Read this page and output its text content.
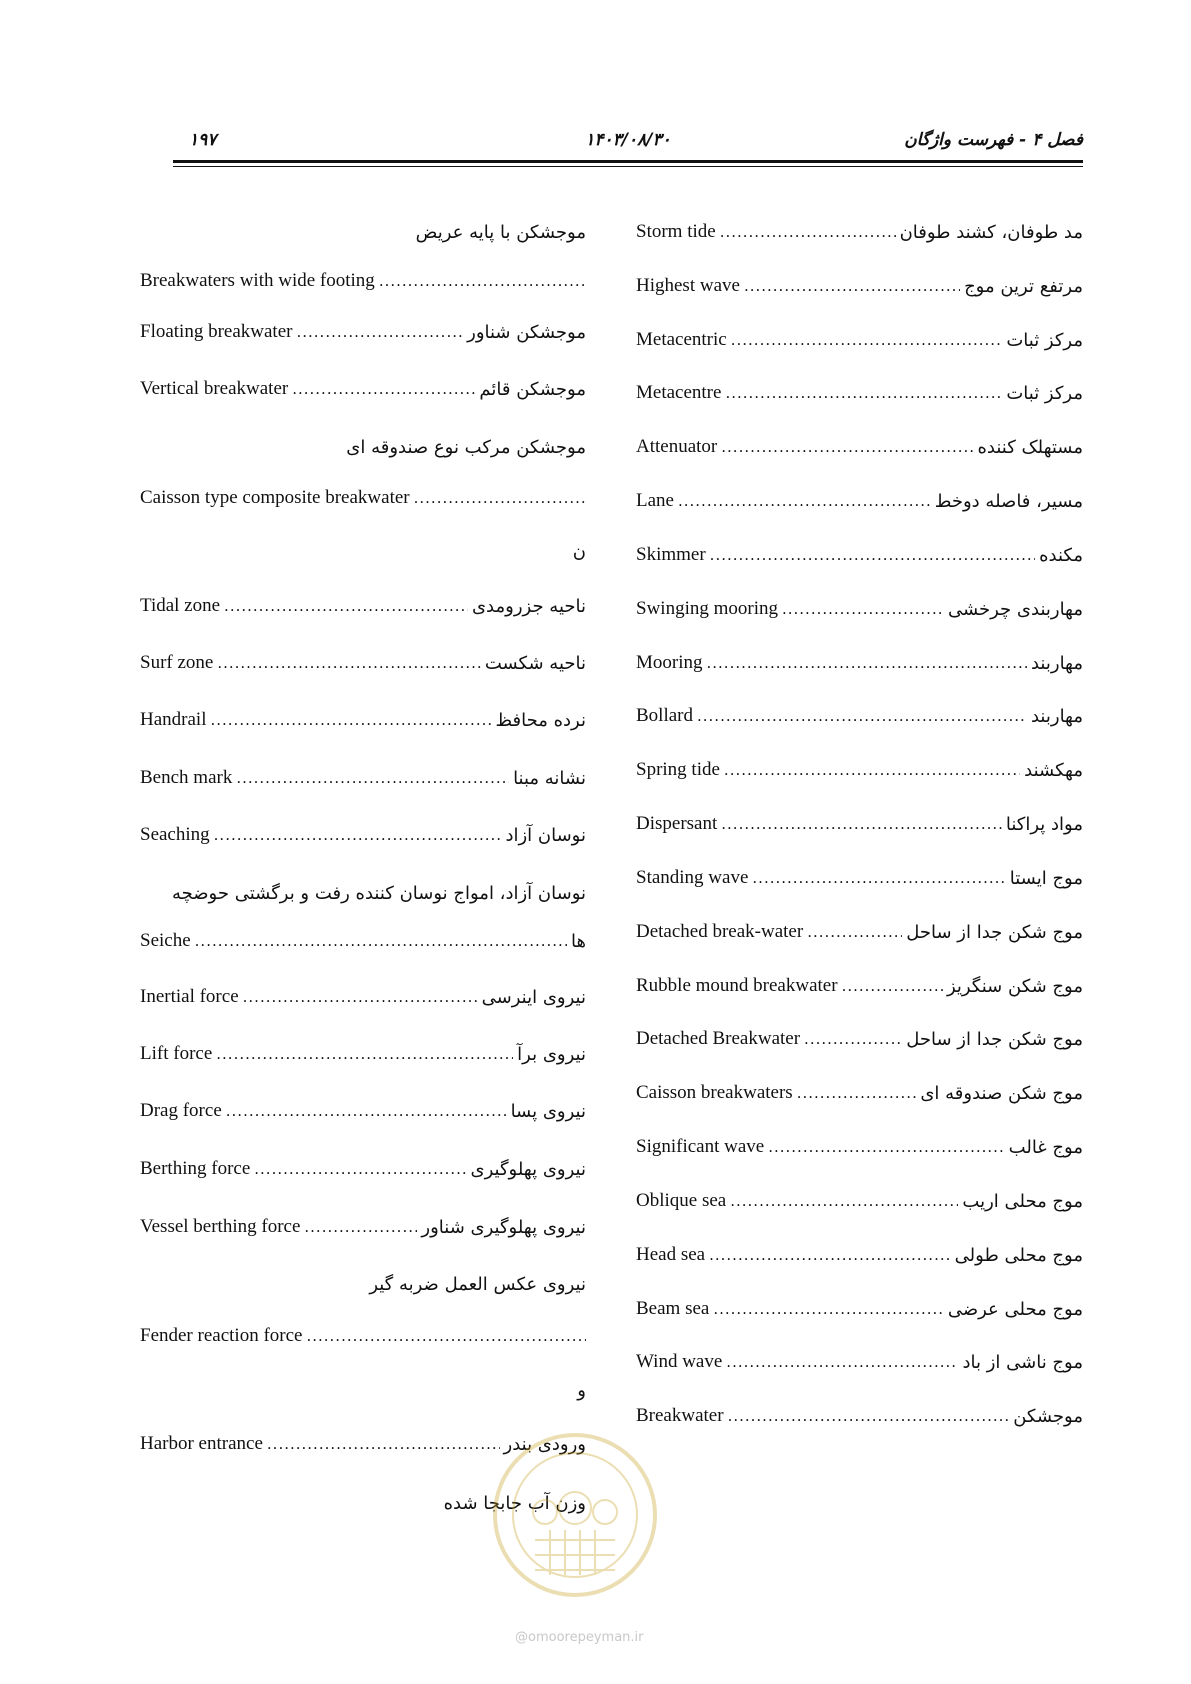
فصل ۴ - فهرست واژگان
۱۴۰۳/۰۸/۳۰
۱۹۷
مد طوفان، کشند طوفان
.....
Storm tide
مرتفع ترین موج
.....
Highest wave
مرکز ثبات
.....
Metacentric
مرکز ثبات
.....
Metacentre
مستهلک کننده
.....
Attenuator
مسیر، فاصله دوخط
.....
Lane
مکنده
.....
Skimmer
مهاربندی چرخشی
.....
Swinging mooring
مهاربند
.....
Mooring
مهاربند
.....
Bollard
مهکشند
.....
Spring tide
مواد پراکنا
.....
Dispersant
موج ایستا
.....
Standing wave
موج شکن جدا از ساحل
.....
Detached break-water
موج شکن سنگریز
.....
Rubble mound breakwater
موج شکن جدا از ساحل
.....
Detached Breakwater
موج شکن صندوقه ای
.....
Caisson breakwaters
موج غالب
.....
Significant wave
موج محلی اریب
.....
Oblique sea
موج محلی طولی
.....
Head sea
موج محلی عرضی
.....
Beam sea
موج ناشی از باد
.....
Wind wave
موجشکن
.....
Breakwater
موجشکن با پایه عریض
Breakwaters with wide footing
.....
موجشکن شناور
.....
Floating breakwater
موجشکن قائم
.....
Vertical breakwater
موجشکن مرکب نوع صندوقه ای
Caisson type composite breakwater
.....
ن
ناحیه جزرومدی
.....
Tidal zone
ناحیه شکست
.....
Surf zone
نرده محافظ
.....
Handrail
نشانه مبنا
.....
Bench mark
نوسان آزاد
.....
Seaching
نوسان آزاد، امواج نوسان کننده رفت و برگشتی حوضچه
ها
.....
Seiche
نیروی اینرسی
.....
Inertial force
نیروی برآ
.....
Lift force
نیروی پسا
.....
Drag force
نیروی پهلوگیری
.....
Berthing force
نیروی پهلوگیری شناور
.....
Vessel berthing force
نیروی عکس العمل ضربه گیر
Fender reaction force
.....
و
ورودی بندر
.....
Harbor entrance
وزن آب جابجا شده
@omoorepeyman.ir
